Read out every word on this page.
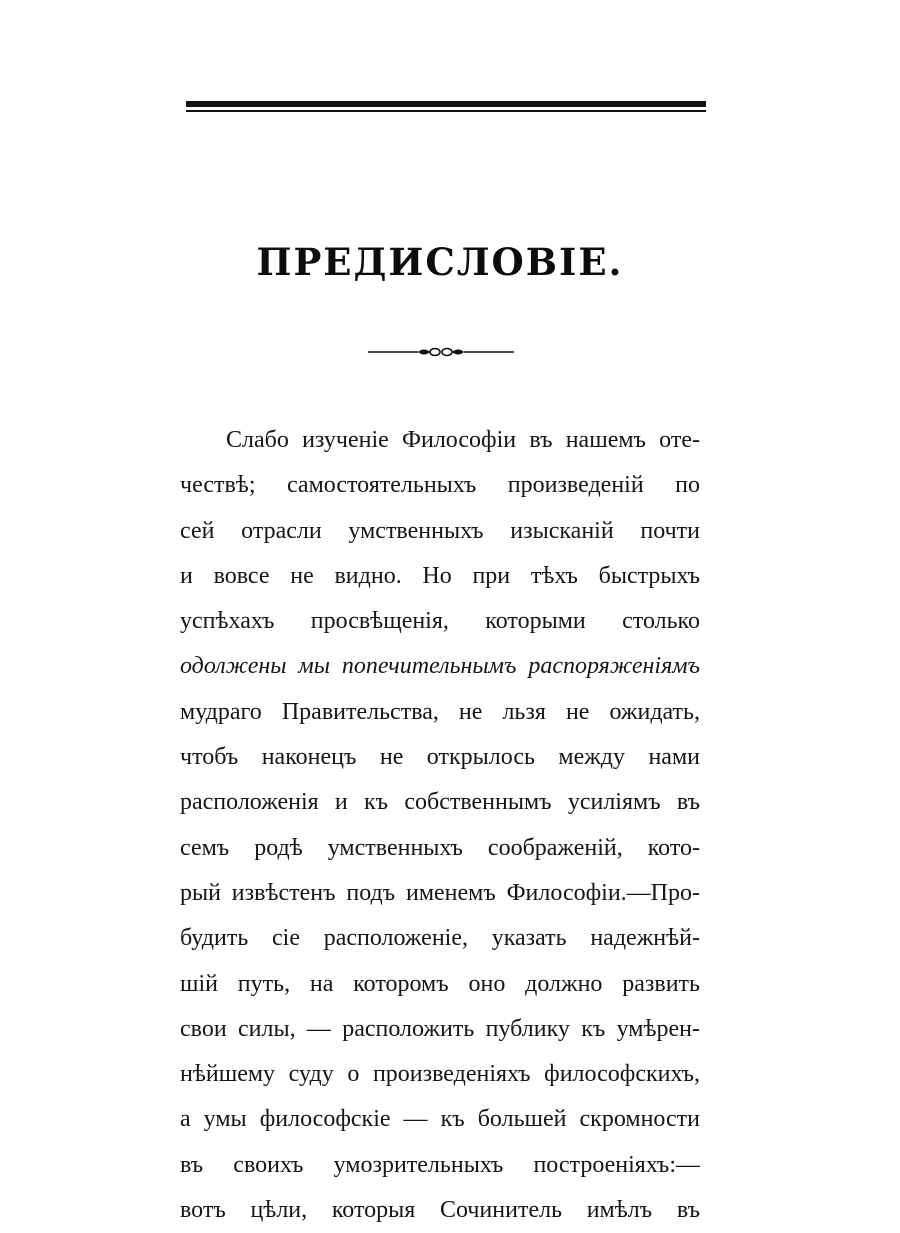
ПРЕДИСЛОВІЕ.
Слабо изученіе Философіи въ нашемъ оте-
чествѣ; самостоятельныхъ произведеній по
сей отрасли умственныхъ изысканій почти
и вовсе не видно. Но при тѣхъ быстрыхъ
успѣхахъ просвѣщенія, которыми столько
одолжены мы попечительнымъ распоряженіямъ
мудраго Правительства, не льзя не ожидать,
чтобъ наконецъ не открылось между нами
расположенія и къ собственнымъ усиліямъ въ
семъ родѣ умственныхъ соображеній, кото-
рый извѣстенъ подъ именемъ Философіи.—Про-
будить сіе расположеніе, указать надежнѣй-
шій путь, на которомъ оно должно развить
свои силы, — расположить публику къ умѣрен-
нѣйшему суду о произведеніяхъ философскихъ,
а умы философскіе — къ большей скромности
въ своихъ умозрительныхъ построеніяхъ:—
вотъ цѣли, которыя Сочинитель имѣлъ въ
